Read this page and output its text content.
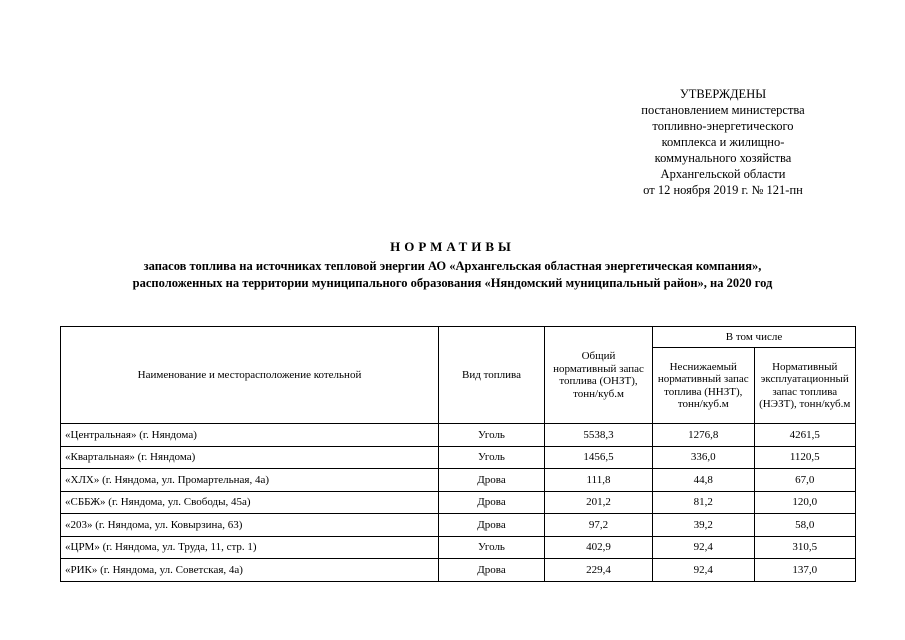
УТВЕРЖДЕНЫ
постановлением министерства
топливно-энергетического
комплекса и жилищно-
коммунального хозяйства
Архангельской области
от 12 ноября 2019 г. № 121-пн
НОРМАТИВЫ
запасов топлива на источниках тепловой энергии АО «Архангельская областная энергетическая компания»,
расположенных на территории муниципального образования «Няндомский муниципальный район», на 2020 год
Наименование и месторасположение котельной	Вид топлива	Общий нормативный запас топлива (ОНЗТ), тонн/куб.м	В том числе	
			Неснижаемый нормативный запас топлива (ННЗТ), тонн/куб.м	Нормативный эксплуатационный запас топлива (НЭЗТ), тонн/куб.м
«Центральная» (г. Няндома)	Уголь	5538,3	1276,8	4261,5
«Квартальная» (г. Няндома)	Уголь	1456,5	336,0	1120,5
«ХЛХ» (г. Няндома, ул. Промартельная, 4а)	Дрова	111,8	44,8	67,0
«СББЖ» (г. Няндома, ул. Свободы, 45а)	Дрова	201,2	81,2	120,0
«203» (г. Няндома, ул. Ковырзина, 63)	Дрова	97,2	39,2	58,0
«ЦРМ» (г. Няндома, ул. Труда, 11, стр. 1)	Уголь	402,9	92,4	310,5
«РИК» (г. Няндома, ул. Советская, 4а)	Дрова	229,4	92,4	137,0
